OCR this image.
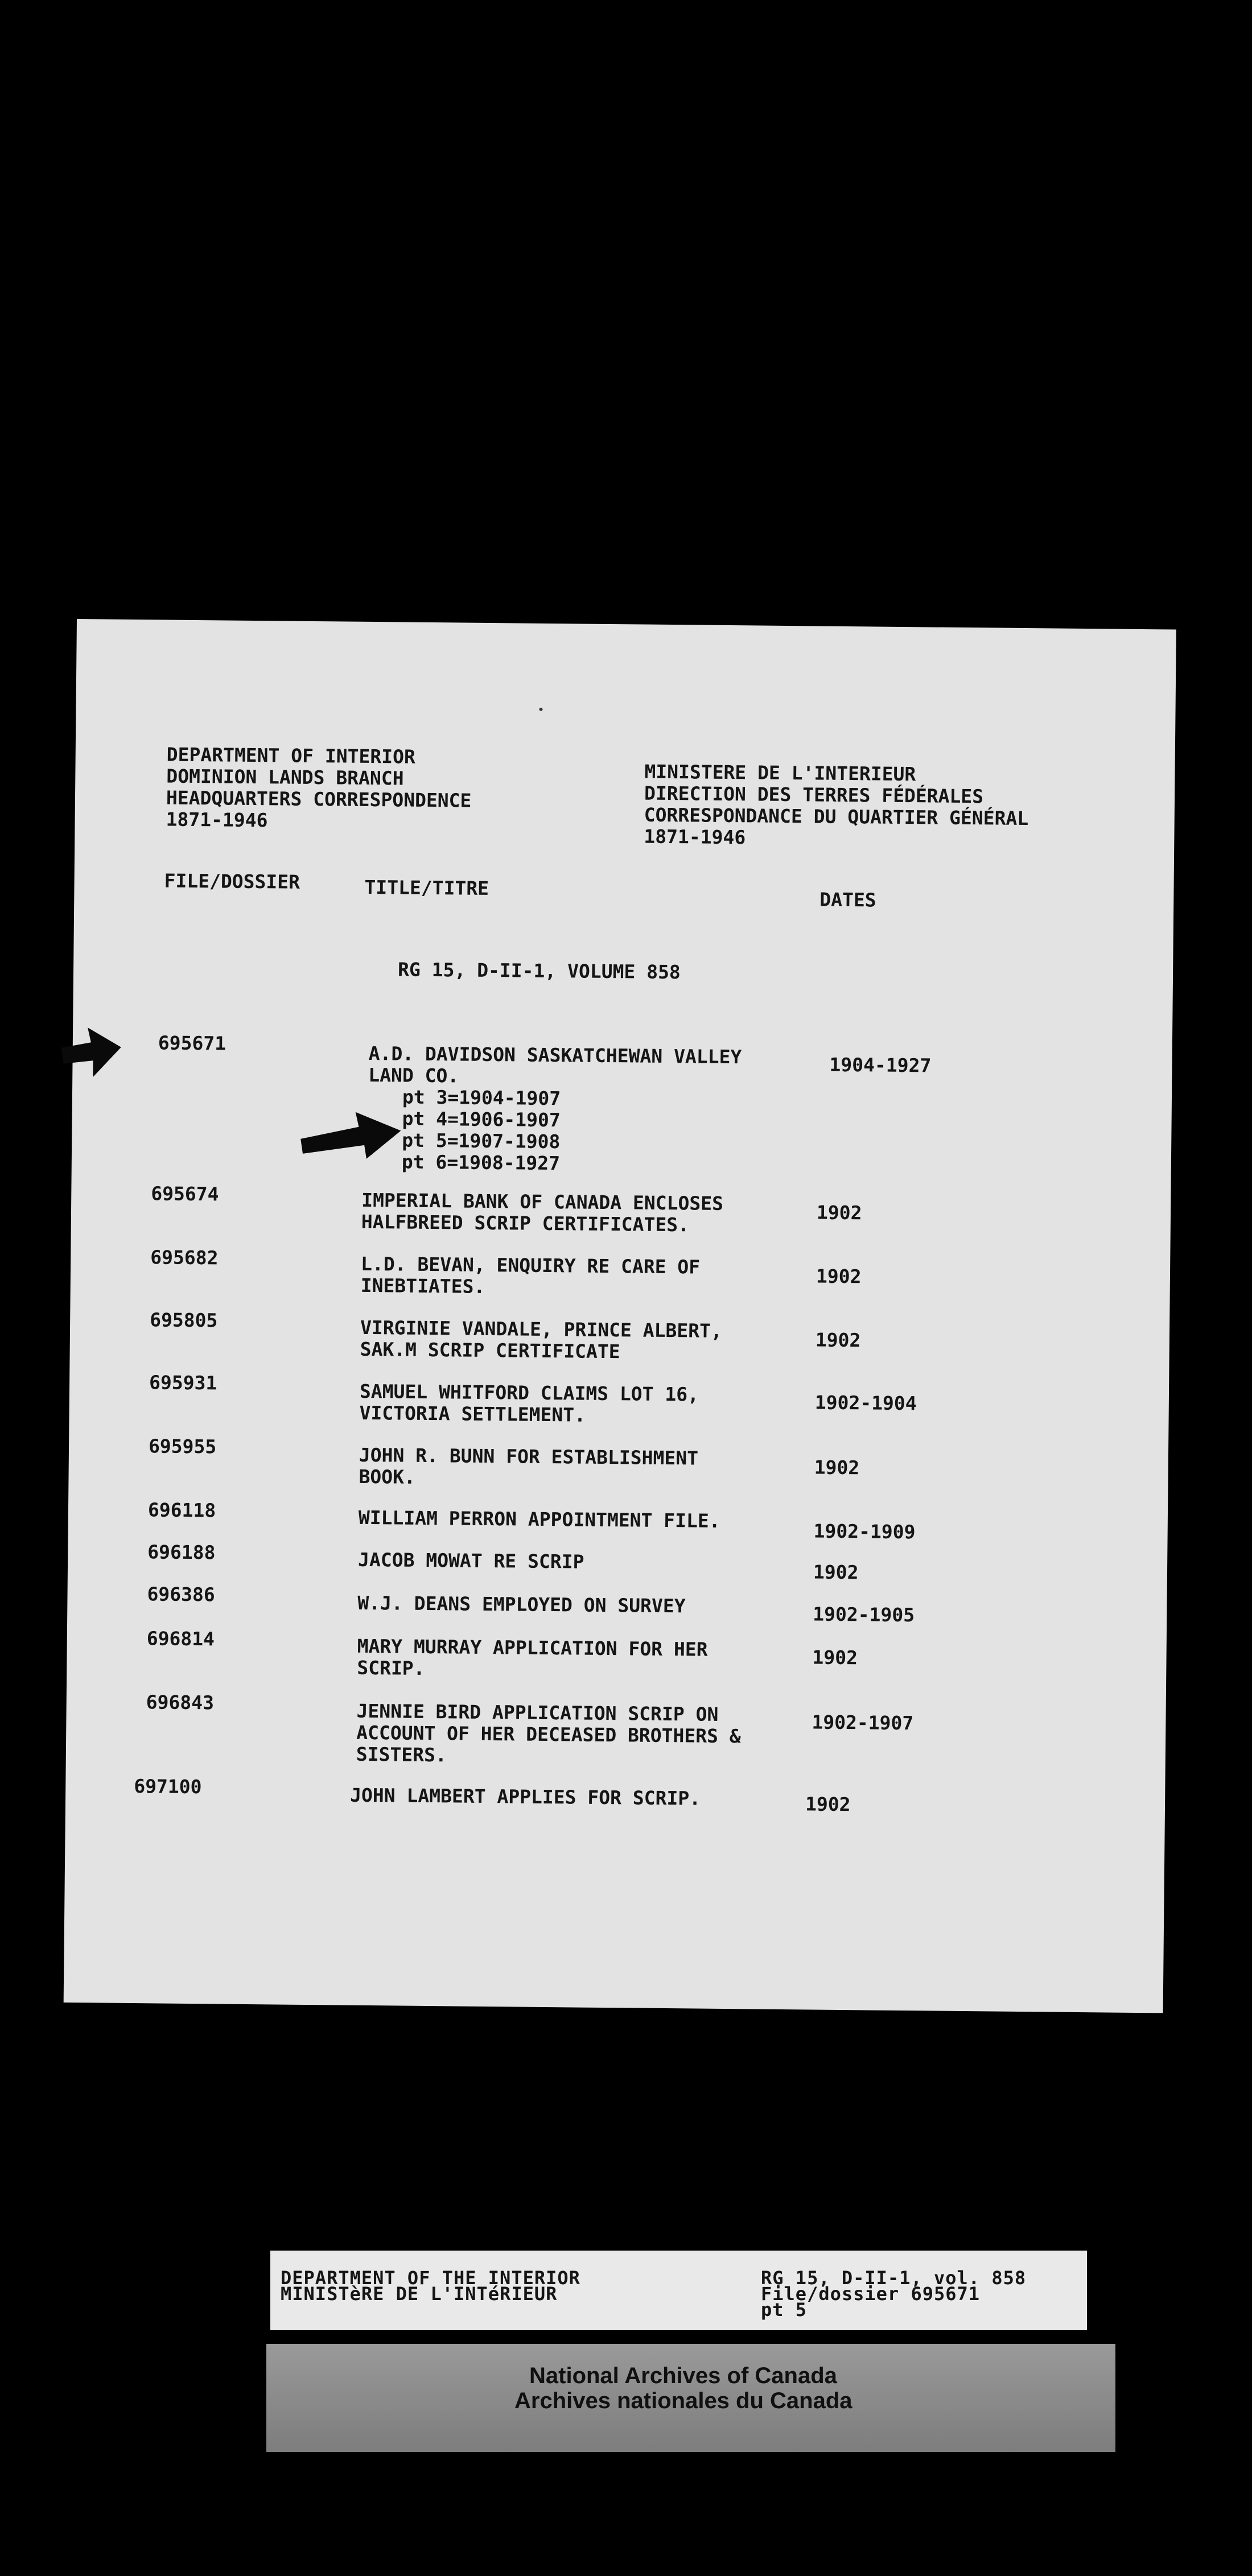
DEPARTMENT OF INTERIOR
DOMINION LANDS BRANCH
HEADQUARTERS CORRESPONDENCE
1871-1946
MINISTERE DE L'INTERIEUR
DIRECTION DES TERRES FÉDÉRALES
CORRESPONDANCE DU QUARTIER GÉNÉRAL
1871-1946
FILE/DOSSIER	TITLE/TITRE
DATES
RG 15, D-II-1, VOLUME 858
695671	A.D. DAVIDSON SASKATCHEWAN VALLEY
LAND CO.	1904-1927
pt 3=1904-1907
pt 4=1906-1907
pt 5=1907-1908
pt 6=1908-1927
695674	IMPERIAL BANK OF CANADA ENCLOSES
HALFBREED SCRIP CERTIFICATES.	1902
695682	L.D. BEVAN, ENQUIRY RE CARE OF
INEBTIATES.	1902
695805	VIRGINIE VANDALE, PRINCE ALBERT,
SAK.M SCRIP CERTIFICATE	1902
695931	SAMUEL WHITFORD CLAIMS LOT 16,
VICTORIA SETTLEMENT.	1902-1904
695955	JOHN R. BUNN FOR ESTABLISHMENT
BOOK.	1902
696118	WILLIAM PERRON APPOINTMENT FILE.	1902-1909
696188	JACOB MOWAT RE SCRIP	1902
696386	W.J. DEANS EMPLOYED ON SURVEY	1902-1905
696814	MARY MURRAY APPLICATION FOR HER
SCRIP.	1902
696843	JENNIE BIRD APPLICATION SCRIP ON
ACCOUNT OF HER DECEASED BROTHERS &
SISTERS.
1902-1907
697100	JOHN LAMBERT APPLIES FOR SCRIP.	1902
DEPARTMENT OF THE INTERIOR
MINISTèRE DE L'INTéRIEUR
RG 15, D-II-1, vol. 858
File/dossier 695671
pt 5
National Archives of Canada
Archives nationales du Canada
